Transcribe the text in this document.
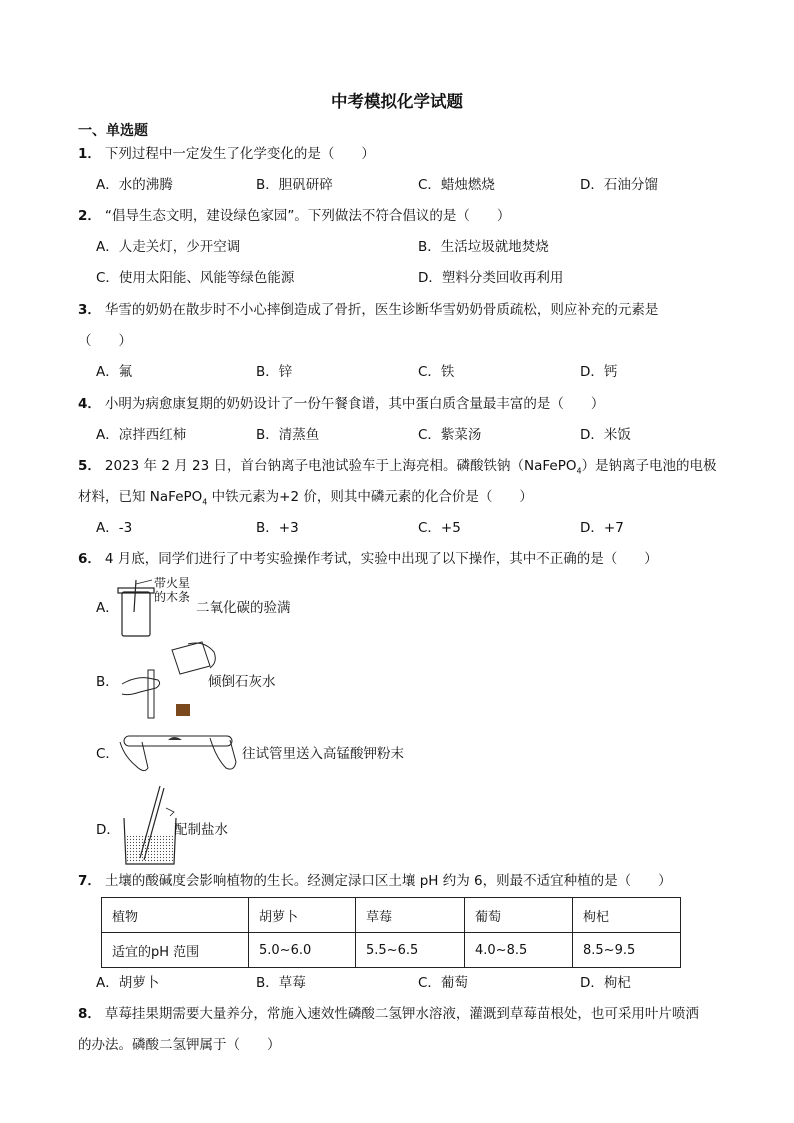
中考模拟化学试题
一、单选题
1． 下列过程中一定发生了化学变化的是（　　）
A．水的沸腾	B．胆矾研碎	C．蜡烛燃烧	D．石油分馏
2． “倡导生态文明，建设绿色家园”。下列做法不符合倡议的是（　　）
A．人走关灯，少开空调	B．生活垃圾就地焚烧
C．使用太阳能、风能等绿色能源	D．塑料分类回收再利用
3． 华雪的奶奶在散步时不小心摔倒造成了骨折，医生诊断华雪奶奶骨质疏松，则应补充的元素是
（　　）
A．氟	B．锌	C．铁	D．钙
4． 小明为病愈康复期的奶奶设计了一份午餐食谱，其中蛋白质含量最丰富的是（　　）
A．凉拌西红柿	B．清蒸鱼	C．紫菜汤	D．米饭
5． 2023 年 2 月 23 日，首台钠离子电池试验车于上海亮相。磷酸铁钠（NaFePO$_4$）是钠离子电池的电极
材料，已知 NaFePO$_4$ 中铁元素为+2 价，则其中磷元素的化合价是（　　）
A．-3	B．+3	C．+5	D．+7
6． 4 月底，同学们进行了中考实验操作考试，实验中出现了以下操作，其中不正确的是（　　）
A．
带火星
的木条
二氧化碳的验满
B．	倾倒石灰水
C．	往试管里送入高锰酸钾粉末
D．	配制盐水
7． 土壤的酸碱度会影响植物的生长。经测定渌口区土壤 pH 约为 6，则最不适宜种植的是（　　）
植物	胡萝卜	草莓	葡萄	枸杞
适宜的pH 范围	5.0~6.0	5.5~6.5	4.0~8.5	8.5~9.5
A．胡萝卜	B．草莓	C．葡萄	D．枸杞
8． 草莓挂果期需要大量养分，常施入速效性磷酸二氢钾水溶液，灌溉到草莓苗根处，也可采用叶片喷洒
的办法。磷酸二氢钾属于（　　）
